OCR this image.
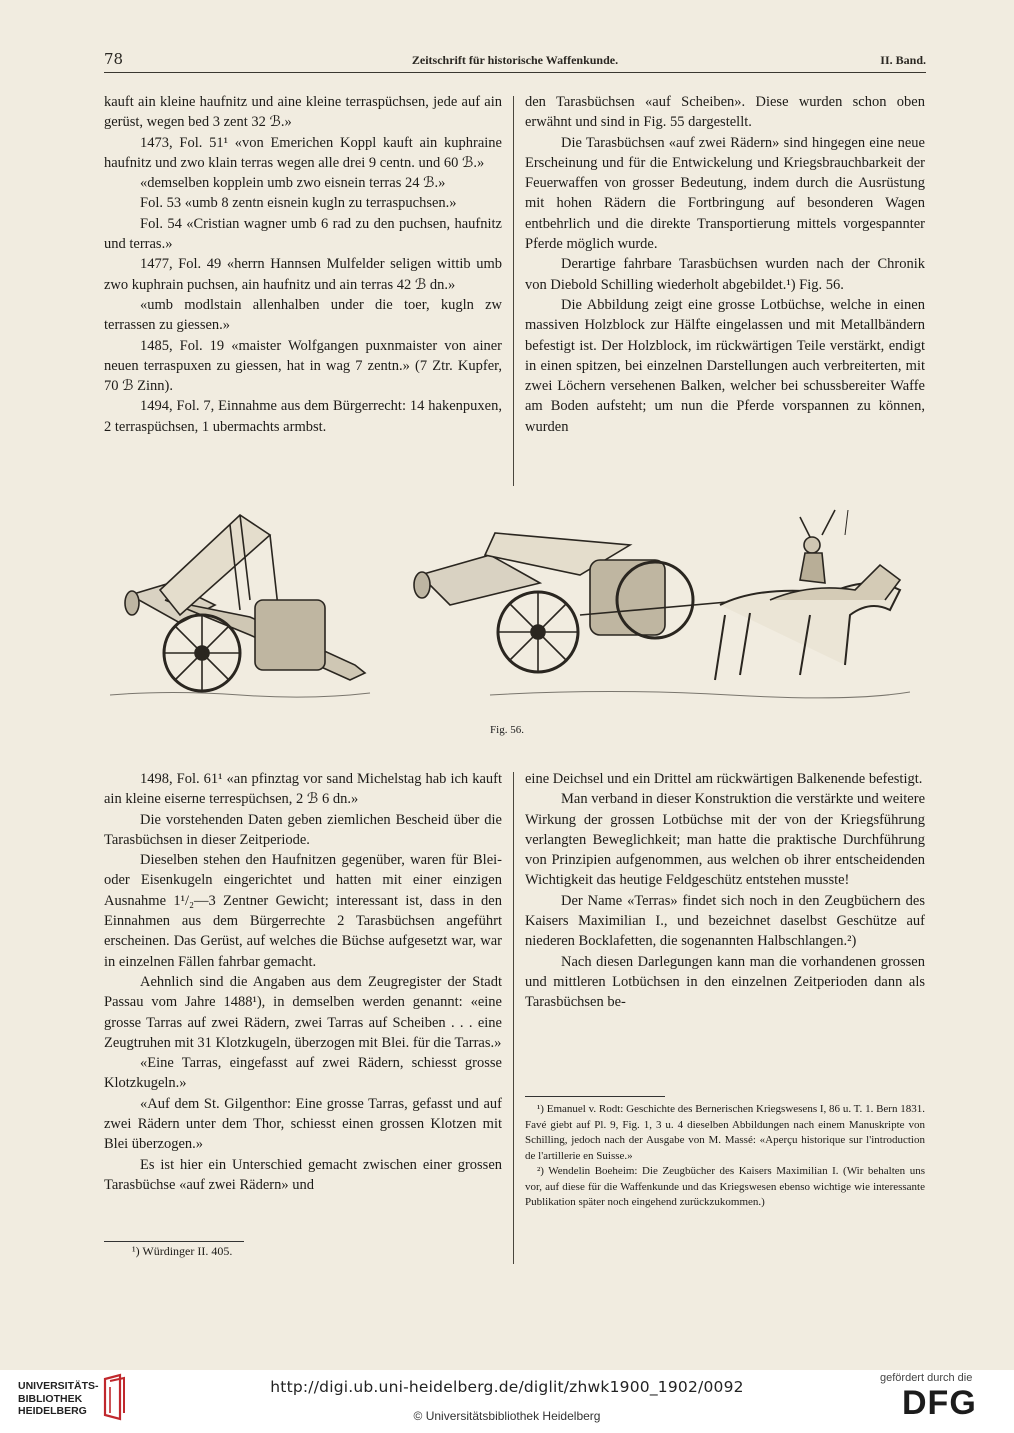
78	Zeitschrift für historische Waffenkunde.	II. Band.

kauft ain kleine haufnitz und aine kleine terraspüchsen, jede auf ain gerüst, wegen bed 3 zent 32 ℬ.»

1473, Fol. 51¹ «von Emerichen Koppl kauft ain kuphraine haufnitz und zwo klain terras wegen alle drei 9 centn. und 60 ℬ.»

«demselben kopplein umb zwo eisnein terras 24 ℬ.»

Fol. 53 «umb 8 zentn eisnein kugln zu terraspuchsen.»

Fol. 54 «Cristian wagner umb 6 rad zu den puchsen, haufnitz und terras.»

1477, Fol. 49 «herrn Hannsen Mulfelder seligen wittib umb zwo kuphrain puchsen, ain haufnitz und ain terras 42 ℬ dn.»

«umb modlstain allenhalben under die toer, kugln zw terrassen zu giessen.»

1485, Fol. 19 «maister Wolfgangen puxnmaister von ainer neuen terraspuxen zu giessen, hat in wag 7 zentn.» (7 Ztr. Kupfer, 70 ℬ Zinn).

1494, Fol. 7, Einnahme aus dem Bürgerrecht: 14 hakenpuxen, 2 terraspüchsen, 1 ubermachts armbst.

den Tarasbüchsen «auf Scheiben». Diese wurden schon oben erwähnt und sind in Fig. 55 dargestellt.

Die Tarasbüchsen «auf zwei Rädern» sind hingegen eine neue Erscheinung und für die Entwickelung und Kriegsbrauchbarkeit der Feuerwaffen von grosser Bedeutung, indem durch die Ausrüstung mit hohen Rädern die Fortbringung auf besonderen Wagen entbehrlich und die direkte Transportierung mittels vorgespannter Pferde möglich wurde.

Derartige fahrbare Tarasbüchsen wurden nach der Chronik von Diebold Schilling wiederholt abgebildet.¹) Fig. 56.

Die Abbildung zeigt eine grosse Lotbüchse, welche in einen massiven Holzblock zur Hälfte eingelassen und mit Metallbändern befestigt ist. Der Holzblock, im rückwärtigen Teile verstärkt, endigt in einen spitzen, bei einzelnen Darstellungen auch verbreiterten, mit zwei Löchern versehenen Balken, welcher bei schussbereiter Waffe am Boden aufsteht; um nun die Pferde vorspannen zu können, wurden

Fig. 56.

1498, Fol. 61¹ «an pfinztag vor sand Michelstag hab ich kauft ain kleine eiserne terrespüchsen, 2 ℬ 6 dn.»

Die vorstehenden Daten geben ziemlichen Bescheid über die Tarasbüchsen in dieser Zeitperiode.

Dieselben stehen den Haufnitzen gegenüber, waren für Blei- oder Eisenkugeln eingerichtet und hatten mit einer einzigen Ausnahme 1¹/₂—3 Zentner Gewicht; interessant ist, dass in den Einnahmen aus dem Bürgerrechte 2 Tarasbüchsen angeführt erscheinen. Das Gerüst, auf welches die Büchse aufgesetzt war, war in einzelnen Fällen fahrbar gemacht.

Aehnlich sind die Angaben aus dem Zeugregister der Stadt Passau vom Jahre 1488¹), in demselben werden genannt: «eine grosse Tarras auf zwei Rädern, zwei Tarras auf Scheiben . . . eine Zeugtruhen mit 31 Klotzkugeln, überzogen mit Blei. für die Tarras.»

«Eine Tarras, eingefasst auf zwei Rädern, schiesst grosse Klotzkugeln.»

«Auf dem St. Gilgenthor: Eine grosse Tarras, gefasst und auf zwei Rädern unter dem Thor, schiesst einen grossen Klotzen mit Blei überzogen.»

Es ist hier ein Unterschied gemacht zwischen einer grossen Tarasbüchse «auf zwei Rädern» und

¹) Würdinger II. 405.

eine Deichsel und ein Drittel am rückwärtigen Balkenende befestigt.

Man verband in dieser Konstruktion die verstärkte und weitere Wirkung der grossen Lotbüchse mit der von der Kriegsführung verlangten Beweglichkeit; man hatte die praktische Durchführung von Prinzipien aufgenommen, aus welchen ob ihrer entscheidenden Wichtigkeit das heutige Feldgeschütz entstehen musste!

Der Name «Terras» findet sich noch in den Zeugbüchern des Kaisers Maximilian I., und bezeichnet daselbst Geschütze auf niederen Bocklafetten, die sogenannten Halbschlangen.²)

Nach diesen Darlegungen kann man die vorhandenen grossen und mittleren Lotbüchsen in den einzelnen Zeitperioden dann als Tarasbüchsen be-

¹) Emanuel v. Rodt: Geschichte des Bernerischen Kriegswesens I, 86 u. T. 1. Bern 1831. Favé giebt auf Pl. 9, Fig. 1, 3 u. 4 dieselben Abbildungen nach einem Manuskripte von Schilling, jedoch nach der Ausgabe von M. Massé: «Aperçu historique sur l'introduction de l'artillerie en Suisse.»

²) Wendelin Boeheim: Die Zeugbücher des Kaisers Maximilian I. (Wir behalten uns vor, auf diese für die Waffenkunde und das Kriegswesen ebenso wichtige wie interessante Publikation später noch eingehend zurückzukommen.)

UNIVERSITÄTS-
BIBLIOTHEK
HEIDELBERG
http://digi.ub.uni-heidelberg.de/diglit/zhwk1900_1902/0092
© Universitätsbibliothek Heidelberg
gefördert durch die
DFG
